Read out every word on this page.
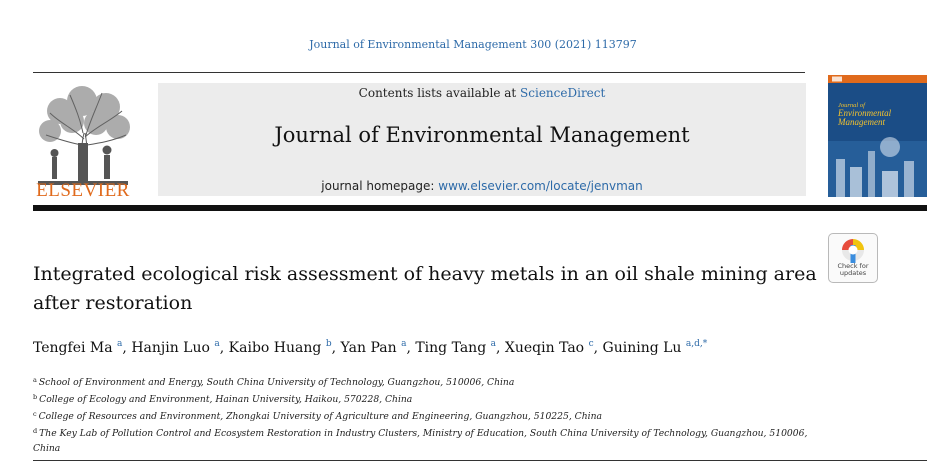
Journal of Environmental Management 300 (2021) 113797
ELSEVIER
Contents lists available at ScienceDirect
Journal of Environmental Management
journal homepage: www.elsevier.com/locate/jenvman
Journal of
Environmental
Management
Check for
updates
Integrated ecological risk assessment of heavy metals in an oil shale mining area after restoration
Tengfei Ma $^a$, Hanjin Luo $^a$, Kaibo Huang $^b$, Yan Pan $^a$, Ting Tang $^a$, Xueqin Tao $^c$, Guining Lu $^{a,d,*}$
$^a$ School of Environment and Energy, South China University of Technology, Guangzhou, 510006, China
$^b$ College of Ecology and Environment, Hainan University, Haikou, 570228, China
$^c$ College of Resources and Environment, Zhongkai University of Agriculture and Engineering, Guangzhou, 510225, China
$^d$ The Key Lab of Pollution Control and Ecosystem Restoration in Industry Clusters, Ministry of Education, South China University of Technology, Guangzhou, 510006, China
